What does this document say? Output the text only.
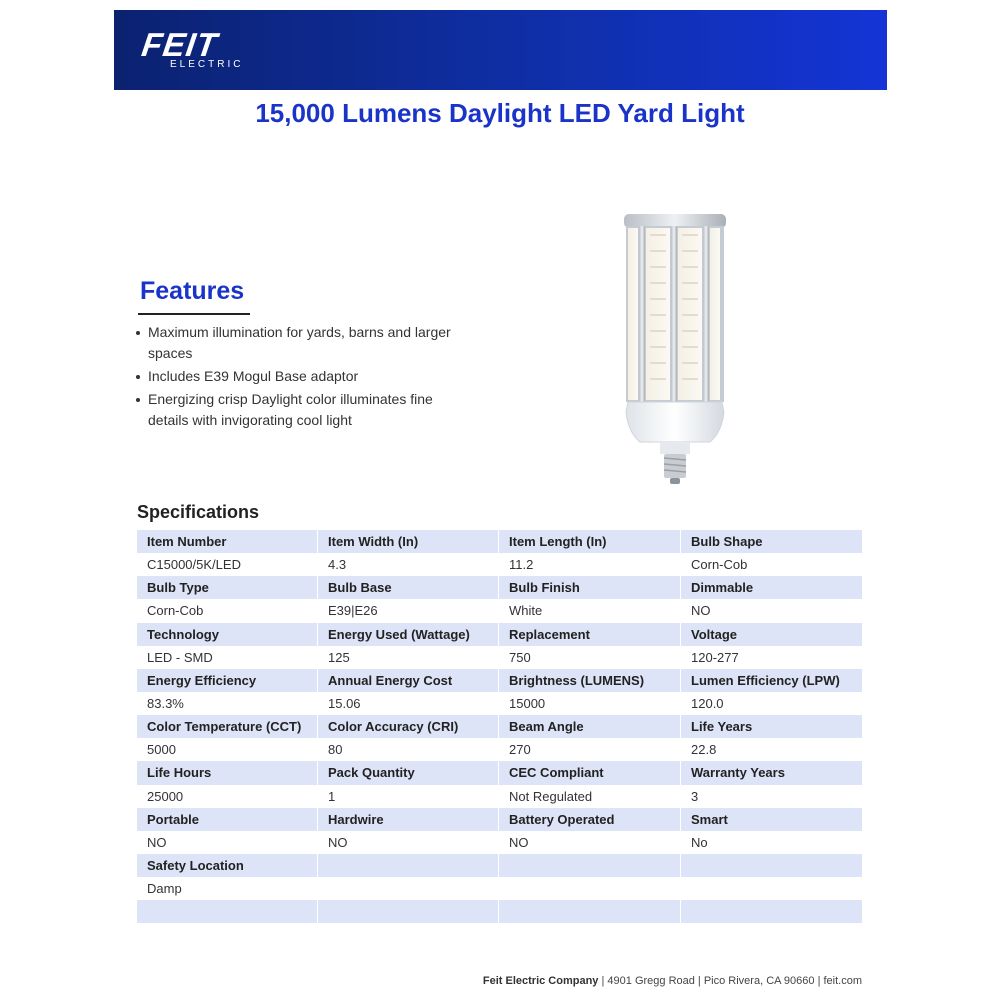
FEIT
ELECTRIC
15,000 Lumens Daylight LED Yard Light
Features
Maximum illumination for yards, barns and larger spaces
Includes E39 Mogul Base adaptor
Energizing crisp Daylight color illuminates fine details with invigorating cool light
Specifications
Item Number	Item Width (In)	Item Length (In)	Bulb Shape
C15000/5K/LED	4.3	11.2	Corn-Cob
Bulb Type	Bulb Base	Bulb Finish	Dimmable
Corn-Cob	E39|E26	White	NO
Technology	Energy Used (Wattage)	Replacement	Voltage
LED - SMD	125	750	120-277
Energy Efficiency	Annual Energy Cost	Brightness (LUMENS)	Lumen Efficiency (LPW)
83.3%	15.06	15000	120.0
Color Temperature (CCT)	Color Accuracy (CRI)	Beam Angle	Life Years
5000	80	270	22.8
Life Hours	Pack Quantity	CEC Compliant	Warranty Years
25000	1	Not Regulated	3
Portable	Hardwire	Battery Operated	Smart
NO	NO	NO	No
Safety Location			
Damp			

Feit Electric Company | 4901 Gregg Road | Pico Rivera, CA 90660 | feit.com
